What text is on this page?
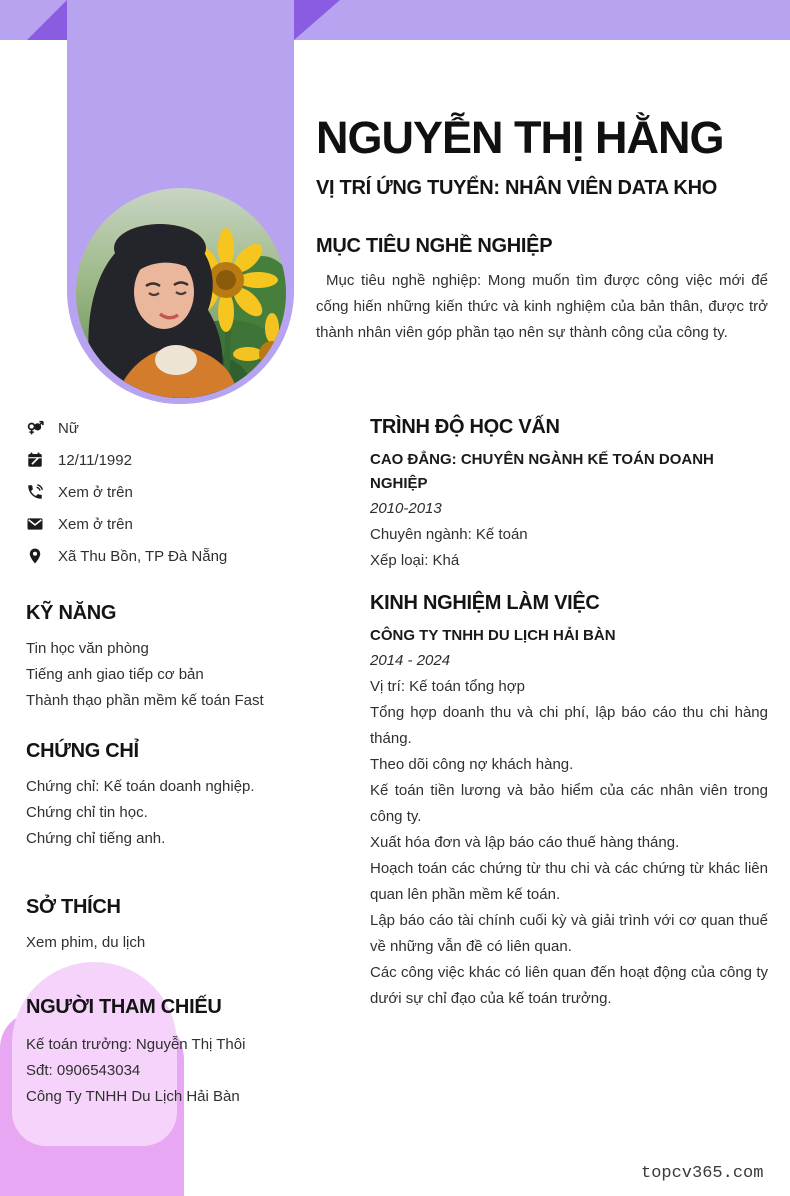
NGUYỄN THỊ HẰNG
VỊ TRÍ ỨNG TUYỂN: NHÂN VIÊN DATA KHO
MỤC TIÊU NGHỀ NGHIỆP

Mục tiêu nghề nghiệp: Mong muốn tìm được công việc mới để cống hiến những kiến thức và kinh nghiệm của bản thân, được trở thành nhân viên góp phần tạo nên sự thành công của công ty.

Nữ
12/11/1992
Xem ở trên
Xem ở trên
Xã Thu Bồn, TP Đà Nẵng
KỸ NĂNG
Tin học văn phòng
Tiếng anh giao tiếp cơ bản
Thành thạo phần mềm kế toán Fast
CHỨNG CHỈ
Chứng chỉ: Kế toán doanh nghiệp.
Chứng chỉ tin học.
Chứng chỉ tiếng anh.
SỞ THÍCH
Xem phim, du lịch
NGƯỜI THAM CHIẾU
Kế toán trưởng: Nguyễn Thị Thôi
Sđt: 0906543034
Công Ty TNHH Du Lịch Hải Bàn
TRÌNH ĐỘ HỌC VẤN
CAO ĐẲNG: CHUYÊN NGÀNH KẾ TOÁN DOANH NGHIỆP
2010-2013
Chuyên ngành: Kế toán
Xếp loại: Khá
KINH NGHIỆM LÀM VIỆC
CÔNG TY TNHH DU LỊCH HẢI BÀN
2014 - 2024
Vị trí: Kế toán tổng hợp
Tổng hợp doanh thu và chi phí, lập báo cáo thu chi hàng tháng.
Theo dõi công nợ khách hàng.
Kế toán tiền lương và bảo hiểm của các nhân viên trong công ty.
Xuất hóa đơn và lập báo cáo thuế hàng tháng.
Hoạch toán các chứng từ thu chi và các chứng từ khác liên quan lên phần mềm kế toán.
Lập báo cáo tài chính cuối kỳ và giải trình với cơ quan thuế về những vẫn đề có liên quan.
Các công việc khác có liên quan đến hoạt động của công ty dưới sự chỉ đạo của kế toán trưởng.
topcv365.com
